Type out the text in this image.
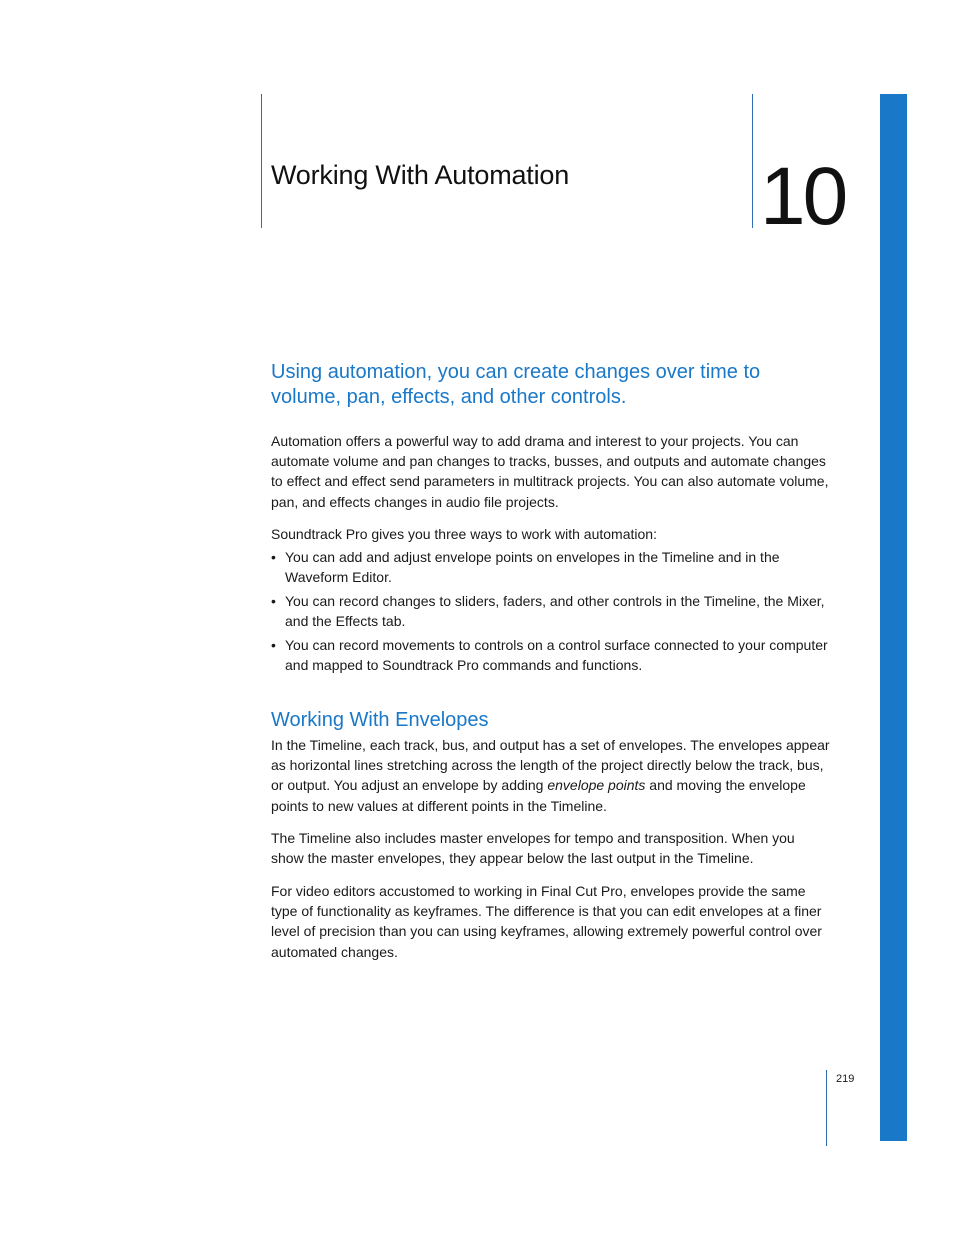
Working With Automation 10
Using automation, you can create changes over time to volume, pan, effects, and other controls.
Automation offers a powerful way to add drama and interest to your projects. You can automate volume and pan changes to tracks, busses, and outputs and automate changes to effect and effect send parameters in multitrack projects. You can also automate volume, pan, and effects changes in audio file projects.
Soundtrack Pro gives you three ways to work with automation:
• You can add and adjust envelope points on envelopes in the Timeline and in the Waveform Editor.
• You can record changes to sliders, faders, and other controls in the Timeline, the Mixer, and the Effects tab.
• You can record movements to controls on a control surface connected to your computer and mapped to Soundtrack Pro commands and functions.
Working With Envelopes
In the Timeline, each track, bus, and output has a set of envelopes. The envelopes appear as horizontal lines stretching across the length of the project directly below the track, bus, or output. You adjust an envelope by adding envelope points and moving the envelope points to new values at different points in the Timeline.
The Timeline also includes master envelopes for tempo and transposition. When you show the master envelopes, they appear below the last output in the Timeline.
For video editors accustomed to working in Final Cut Pro, envelopes provide the same type of functionality as keyframes. The difference is that you can edit envelopes at a finer level of precision than you can using keyframes, allowing extremely powerful control over automated changes.
219
